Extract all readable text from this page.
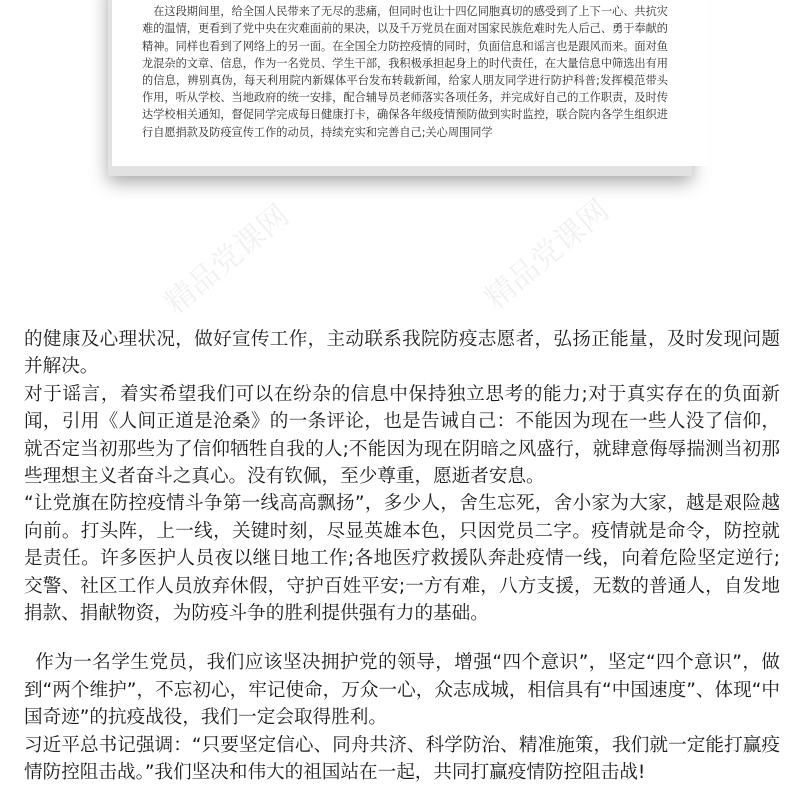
在这段期间里，给全国人民带来了无尽的悲痛，但同时也让十四亿同胞真切的感受到了上下一心、共抗灾难的温情，更看到了党中央在灾难面前的果决，以及千万党员在面对国家民族危难时先人后己、勇于奉献的精神。同样也看到了网络上的另一面。在全国全力防控疫情的同时，负面信息和谣言也是跟风而来。面对鱼龙混杂的文章、信息，作为一名党员、学生干部，我积极承担起身上的时代责任，在大量信息中筛选出有用的信息，辨别真伪，每天利用院内新媒体平台发布转载新闻，给家人朋友同学进行防护科普;发挥模范带头作用，听从学校、当地政府的统一安排，配合辅导员老师落实各项任务，并完成好自己的工作职责，及时传达学校相关通知，督促同学完成每日健康打卡，确保各年级疫情预防做到实时监控，联合院内各学生组织进行自愿捐款及防疫宣传工作的动员，持续充实和完善自己;关心周围同学

精品党课网	精品党课网

的健康及心理状况，做好宣传工作，主动联系我院防疫志愿者，弘扬正能量，及时发现问题并解决。

对于谣言，着实希望我们可以在纷杂的信息中保持独立思考的能力;对于真实存在的负面新闻，引用《人间正道是沧桑》的一条评论，也是告诫自己：不能因为现在一些人没了信仰，就否定当初那些为了信仰牺牲自我的人;不能因为现在阴暗之风盛行，就肆意侮辱揣测当初那些理想主义者奋斗之真心。没有钦佩，至少尊重，愿逝者安息。

“让党旗在防控疫情斗争第一线高高飘扬”，多少人，舍生忘死，舍小家为大家，越是艰险越向前。打头阵，上一线，关键时刻，尽显英雄本色，只因党员二字。疫情就是命令，防控就是责任。许多医护人员夜以继日地工作;各地医疗救援队奔赴疫情一线，向着危险坚定逆行;交警、社区工作人员放弃休假，守护百姓平安;一方有难，八方支援，无数的普通人，自发地捐款、捐献物资，为防疫斗争的胜利提供强有力的基础。

作为一名学生党员，我们应该坚决拥护党的领导，增强“四个意识”，坚定“四个意识”，做到“两个维护”，不忘初心，牢记使命，万众一心，众志成城，相信具有“中国速度”、体现“中国奇迹”的抗疫战役，我们一定会取得胜利。

习近平总书记强调：“只要坚定信心、同舟共济、科学防治、精准施策，我们就一定能打赢疫情防控阻击战。”我们坚决和伟大的祖国站在一起，共同打赢疫情防控阻击战!
